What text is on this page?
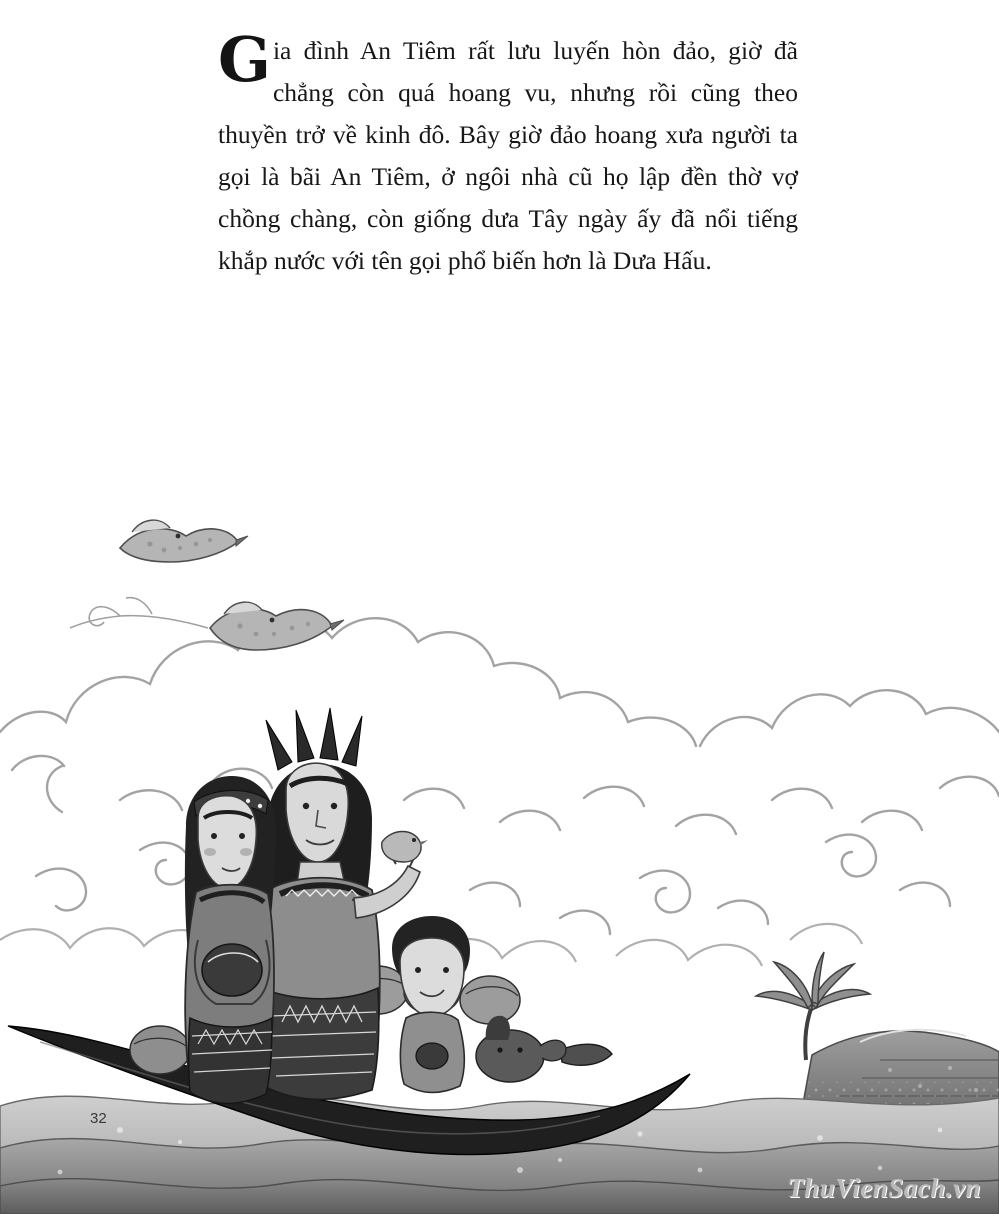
Gia đình An Tiêm rất lưu luyến hòn đảo, giờ đã chẳng còn quá hoang vu, nhưng rồi cũng theo thuyền trở về kinh đô. Bây giờ đảo hoang xưa người ta gọi là bãi An Tiêm, ở ngôi nhà cũ họ lập đền thờ vợ chồng chàng, còn giống dưa Tây ngày ấy đã nổi tiếng khắp nước với tên gọi phổ biến hơn là Dưa Hấu.

32
ThuVienSach.vn
